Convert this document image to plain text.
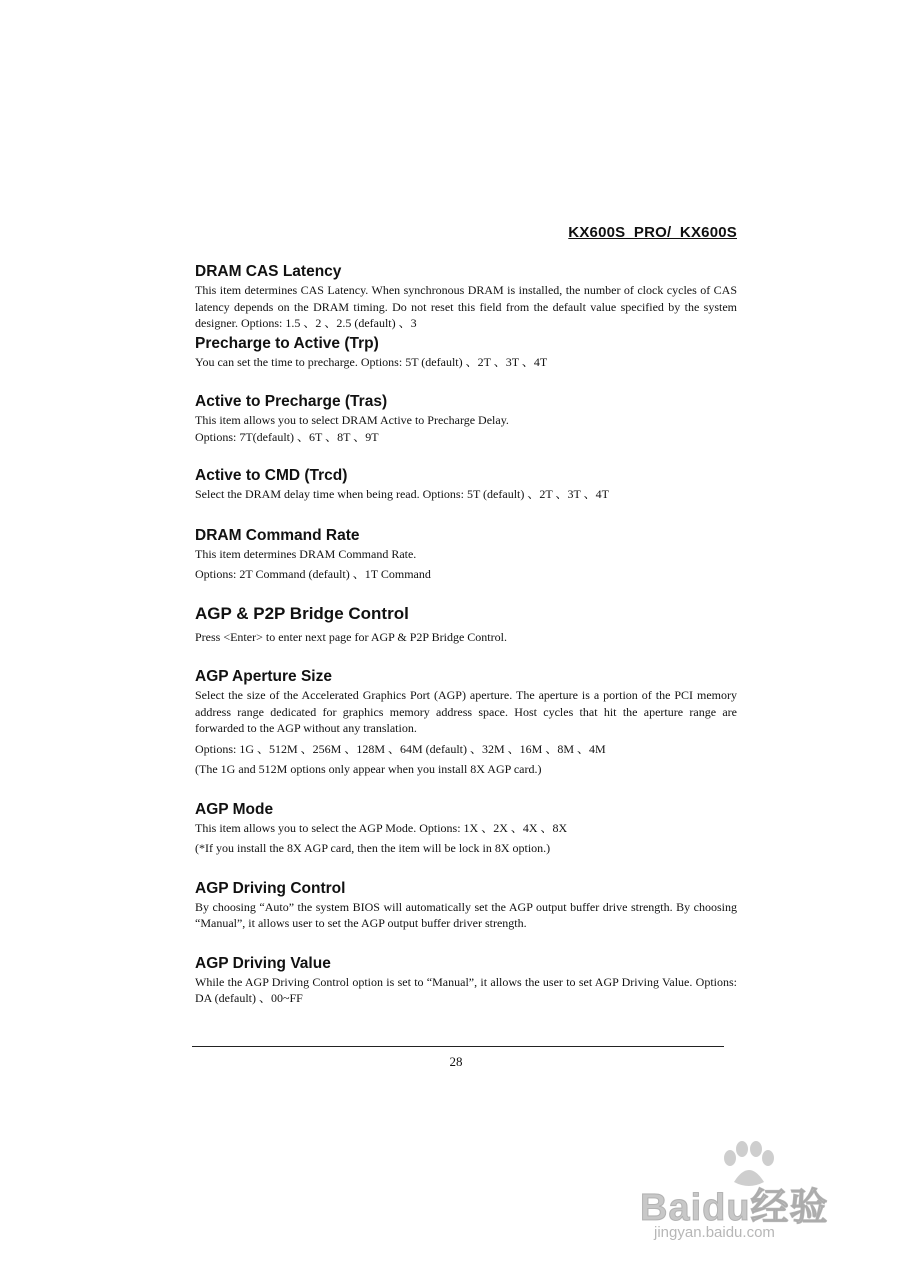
KX600S_PRO/_KX600S
DRAM CAS Latency

This item determines CAS Latency. When synchronous DRAM is installed, the number of clock cycles of CAS latency depends on the DRAM timing. Do not reset this field from the default value specified by the system designer. Options: 1.5 、2 、2.5 (default) 、3

Precharge to Active (Trp)

You can set the time to precharge. Options: 5T (default) 、2T 、3T 、4T

Active to Precharge (Tras)

This item allows you to select DRAM Active to Precharge Delay.

Options: 7T(default) 、6T 、8T 、9T

Active to CMD (Trcd)

Select the DRAM delay time when being read. Options: 5T (default) 、2T 、3T 、4T

DRAM Command Rate

This item determines DRAM Command Rate.

Options: 2T Command (default) 、1T Command

AGP & P2P Bridge Control

Press <Enter> to enter next page for AGP & P2P Bridge Control.

AGP Aperture Size

Select the size of the Accelerated Graphics Port (AGP) aperture. The aperture is a portion of the PCI memory address range dedicated for graphics memory address space. Host cycles that hit the aperture range are forwarded to the AGP without any translation.

Options: 1G 、512M 、256M 、128M 、64M (default) 、32M 、16M 、8M 、4M

(The 1G and 512M options only appear when you install 8X AGP card.)

AGP Mode

This item allows you to select the AGP Mode. Options: 1X 、2X 、4X 、8X

(*If you install the 8X AGP card, then the item will be lock in 8X option.)

AGP Driving Control

By choosing “Auto” the system BIOS will automatically set the AGP output buffer drive strength. By choosing “Manual”, it allows user to set the AGP output buffer driver strength.

AGP Driving Value

While the AGP Driving Control option is set to “Manual”, it allows the user to set AGP Driving Value. Options: DA (default) 、00~FF

28
Baidu经验
jingyan.baidu.com
